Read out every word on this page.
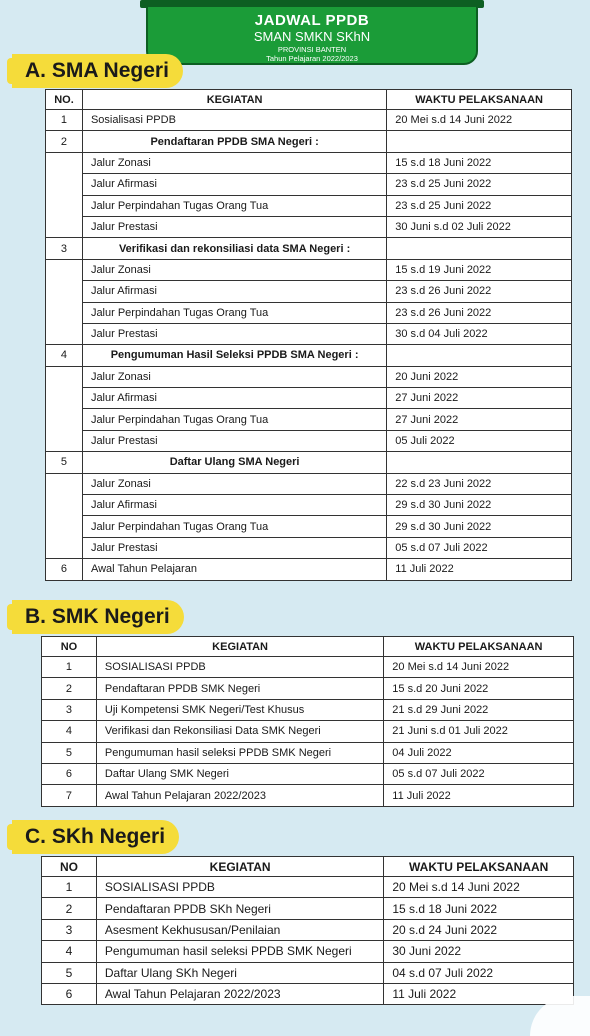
JADWAL PPDB
SMAN SMKN SKhN
PROVINSI BANTEN
Tahun Pelajaran 2022/2023
A. SMA Negeri
NO.	KEGIATAN	WAKTU PELAKSANAAN
1	Sosialisasi PPDB	20 Mei s.d 14 Juni 2022
2	Pendaftaran PPDB SMA Negeri :	
	Jalur Zonasi	15 s.d 18 Juni 2022
	Jalur Afirmasi	23 s.d 25 Juni 2022
	Jalur Perpindahan Tugas Orang Tua	23 s.d 25 Juni 2022
	Jalur Prestasi	30 Juni s.d 02 Juli 2022
3	Verifikasi dan rekonsiliasi data SMA Negeri :	
	Jalur Zonasi	15 s.d 19 Juni 2022
	Jalur Afirmasi	23 s.d 26 Juni 2022
	Jalur Perpindahan Tugas Orang Tua	23 s.d 26 Juni 2022
	Jalur Prestasi	30 s.d 04 Juli 2022
4	Pengumuman Hasil Seleksi PPDB SMA Negeri :	
	Jalur Zonasi	20 Juni 2022
	Jalur Afirmasi	27 Juni 2022
	Jalur Perpindahan Tugas Orang Tua	27 Juni 2022
	Jalur Prestasi	05 Juli 2022
5	Daftar Ulang SMA Negeri	
	Jalur Zonasi	22 s.d 23 Juni 2022
	Jalur Afirmasi	29 s.d 30 Juni 2022
	Jalur Perpindahan Tugas Orang Tua	29 s.d 30 Juni 2022
	Jalur Prestasi	05 s.d 07 Juli 2022
6	Awal Tahun Pelajaran	11 Juli 2022
B. SMK Negeri
NO	KEGIATAN	WAKTU PELAKSANAAN
1	SOSIALISASI PPDB	20 Mei s.d 14 Juni 2022
2	Pendaftaran PPDB SMK Negeri	15 s.d 20 Juni 2022
3	Uji Kompetensi SMK Negeri/Test Khusus	21 s.d 29 Juni 2022
4	Verifikasi dan Rekonsiliasi Data SMK Negeri	21 Juni s.d 01 Juli 2022
5	Pengumuman hasil seleksi PPDB SMK Negeri	04 Juli 2022
6	Daftar Ulang SMK Negeri	05 s.d 07 Juli 2022
7	Awal Tahun Pelajaran 2022/2023	11 Juli 2022
C. SKh Negeri
NO	KEGIATAN	WAKTU PELAKSANAAN
1	SOSIALISASI PPDB	20 Mei s.d 14 Juni 2022
2	Pendaftaran PPDB SKh Negeri	15 s.d 18 Juni 2022
3	Asesment Kekhususan/Penilaian	20 s.d 24 Juni 2022
4	Pengumuman hasil seleksi PPDB SMK Negeri	30 Juni 2022
5	Daftar Ulang SKh Negeri	04 s.d 07 Juli 2022
6	Awal Tahun Pelajaran 2022/2023	11 Juli 2022
